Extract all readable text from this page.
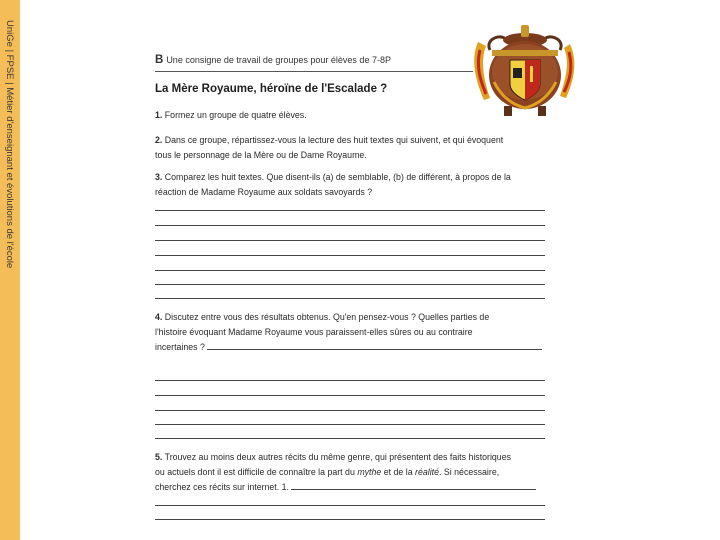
UniGe | FPSE | Métier d'enseignant et évolutions de l'école	B Une consigne de travail de groupes pour élèves de 7-8P
La Mère Royaume, héroïne de l'Escalade ?
1. Formez un groupe de quatre élèves.
2. Dans ce groupe, répartissez-vous la lecture des huit textes qui suivent, et qui évoquent
tous le personnage de la Mère ou de Dame Royaume.
3. Comparez les huit textes. Que disent-ils (a) de semblable, (b) de différent, à propos de la
réaction de Madame Royaume aux soldats savoyards ?
4. Discutez entre vous des résultats obtenus. Qu'en pensez-vous ? Quelles parties de
l'histoire évoquant Madame Royaume vous paraissent-elles sûres ou au contraire
incertaines ?
5. Trouvez au moins deux autres récits du même genre, qui présentent des faits historiques
ou actuels dont il est difficile de connaître la part du mythe et de la réalité. Si nécessaire,
cherchez ces récits sur internet. 1.
